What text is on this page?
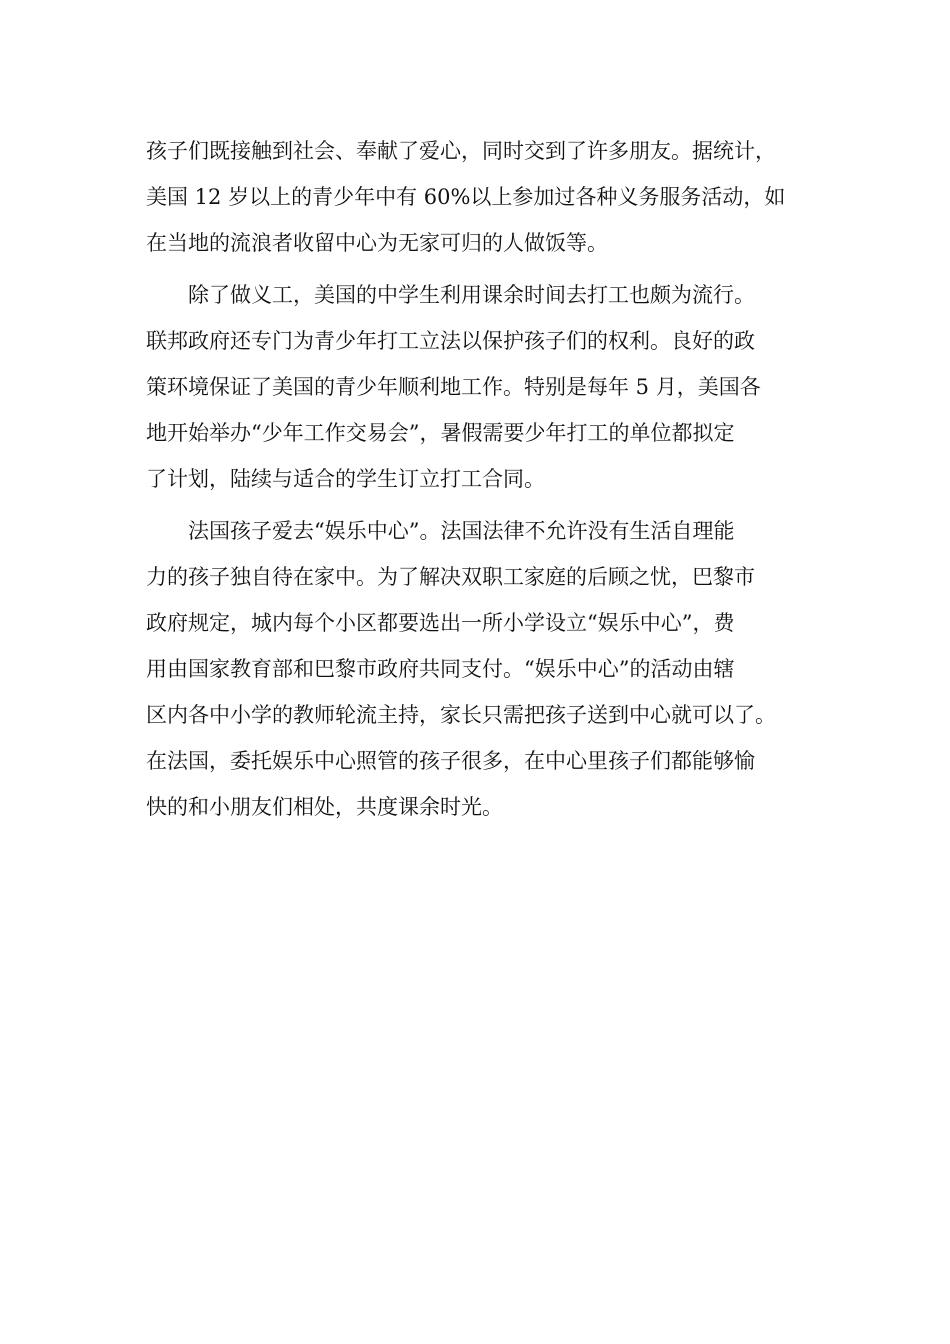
孩子们既接触到社会、奉献了爱心，同时交到了许多朋友。据统计，
美国 12 岁以上的青少年中有 60%以上参加过各种义务服务活动，如
在当地的流浪者收留中心为无家可归的人做饭等。
除了做义工，美国的中学生利用课余时间去打工也颇为流行。
联邦政府还专门为青少年打工立法以保护孩子们的权利。良好的政
策环境保证了美国的青少年顺利地工作。特别是每年 5 月，美国各
地开始举办“少年工作交易会”，暑假需要少年打工的单位都拟定
了计划，陆续与适合的学生订立打工合同。
法国孩子爱去“娱乐中心”。法国法律不允许没有生活自理能
力的孩子独自待在家中。为了解决双职工家庭的后顾之忧，巴黎市
政府规定，城内每个小区都要选出一所小学设立“娱乐中心”，费
用由国家教育部和巴黎市政府共同支付。“娱乐中心”的活动由辖
区内各中小学的教师轮流主持，家长只需把孩子送到中心就可以了。
在法国，委托娱乐中心照管的孩子很多，在中心里孩子们都能够愉
快的和小朋友们相处，共度课余时光。
